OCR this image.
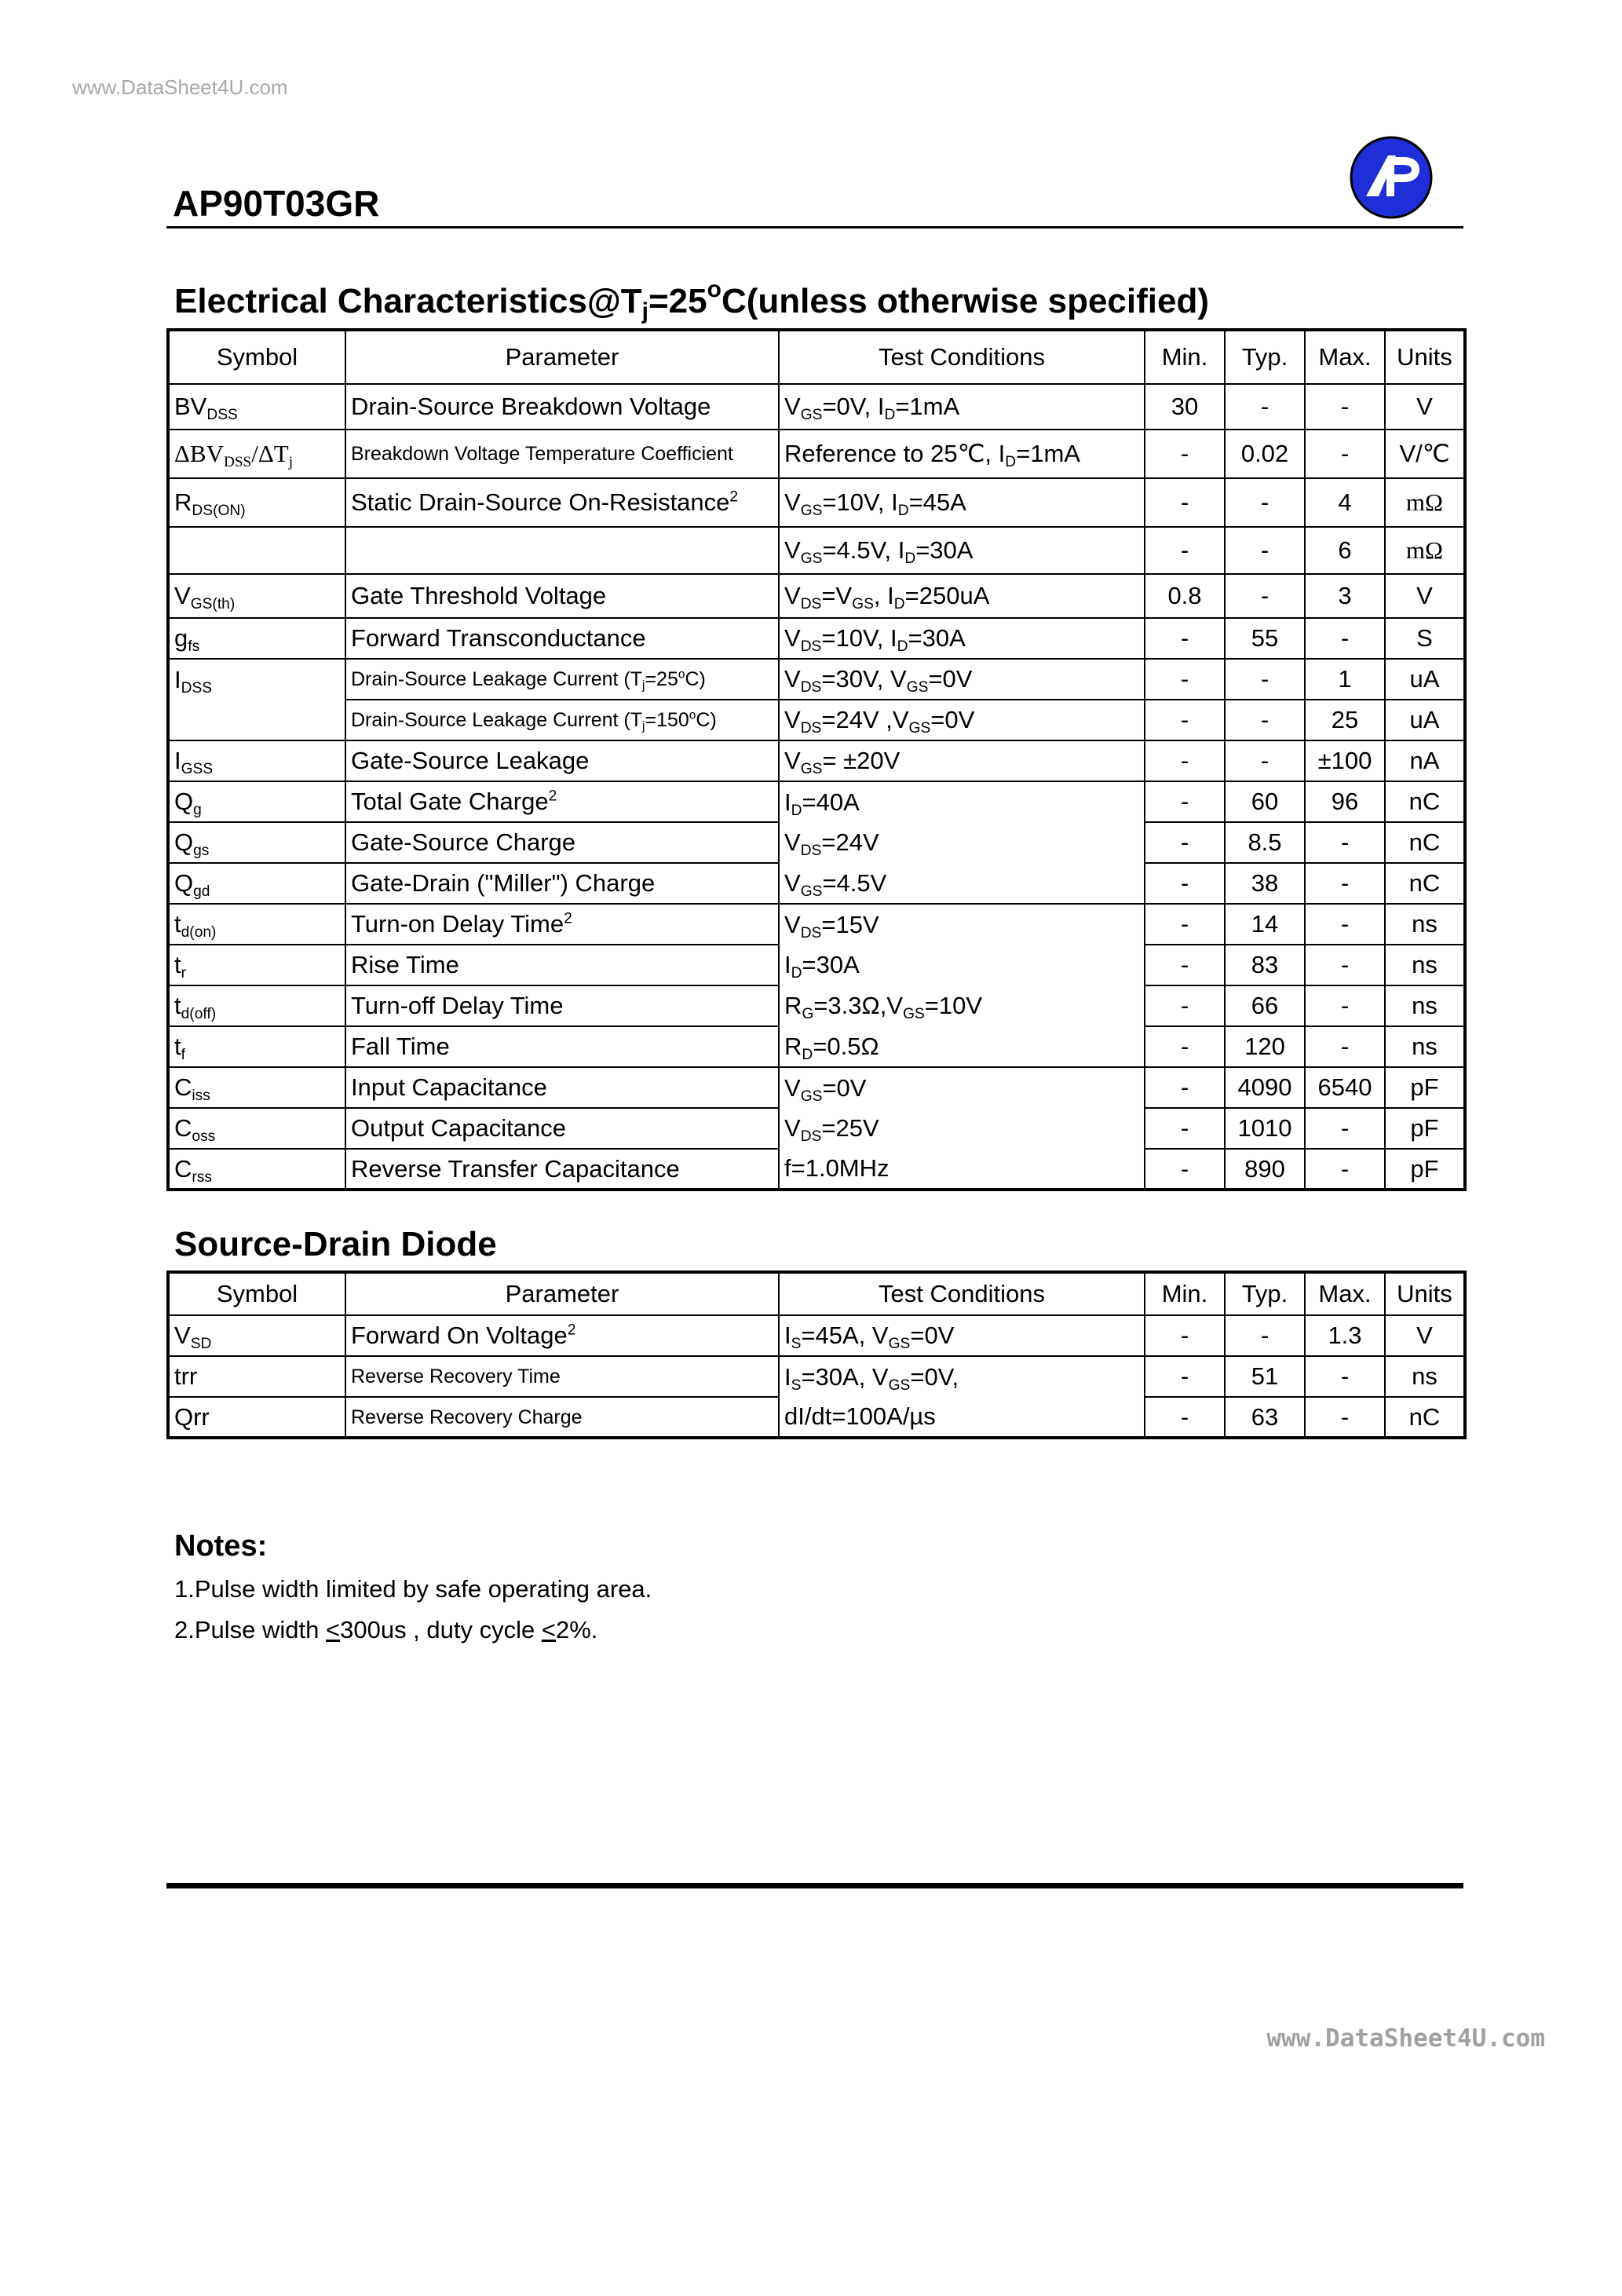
www.DataSheet4U.com
AP90T03GR
Electrical $Characteristics@T_j=25^oC(unless$ otherwise specified)
Symbol	Parameter	Test Conditions	Min.	Typ.	Max.	Units
$BV_{DSS}$	Drain-Source Breakdown Voltage	$V_{GS}=0V$, $I_D=1mA$	30	-	-	V
$\Delta BV_{DSS}/\Delta T_j$	Breakdown Voltage Temperature Coefficient	Reference to 25℃, $I_D=1mA$	-	0.02	-	V/℃
$R_{DS(ON)}$	Static Drain-Source On-Resistance$^2$	$V_{GS}=10V$, $I_D=45A$	-	-	4	mΩ
		$V_{GS}=4.5V$, $I_D=30A$	-	-	6	mΩ
$V_{GS(th)}$	Gate Threshold Voltage	$V_{DS}=V_{GS}$, $I_D=250uA$	0.8	-	3	V
$g_{fs}$	Forward Transconductance	$V_{DS}=10V$, $I_D=30A$	-	55	-	S
$I_{DSS}$	Drain-Source Leakage Current $(T_j=25^oC)$	$V_{DS}=30V$, $V_{GS}=0V$	-	-	1	uA
	Drain-Source Leakage Current $(T_j=150^oC)$	$V_{DS}=24V$ $,V_{GS}=0V$	-	-	25	uA
$I_{GSS}$	Gate-Source Leakage	$V_{GS}= \pm 20V$	-	-	±100	nA
$Q_g$	Total Gate Charge$^2$	$I_D=40A$	-	60	96	nC
$Q_{gs}$	Gate-Source Charge	$V_{DS}=24V$	-	8.5	-	nC
$Q_{gd}$	Gate-Drain ("Miller") Charge	$V_{GS}=4.5V$	-	38	-	nC
$t_{d(on)}$	Turn-on Delay Time$^2$	$V_{DS}=15V$	-	14	-	ns
$t_r$	Rise Time	$I_D=30A$	-	83	-	ns
$t_{d(off)}$	Turn-off Delay Time	$R_G=3.3\Omega,V_{GS}=10V$	-	66	-	ns
$t_f$	Fall Time	$R_D=0.5\Omega$	-	120	-	ns
$C_{iss}$	Input Capacitance	$V_{GS}=0V$	-	4090	6540	pF
$C_{oss}$	Output Capacitance	$V_{DS}=25V$	-	1010	-	pF
$C_{rss}$	Reverse Transfer Capacitance	f=1.0MHz	-	890	-	pF
Source-Drain Diode
Symbol	Parameter	Test Conditions	Min.	Typ.	Max.	Units
$V_{SD}$	Forward On Voltage$^2$	$I_S=45A$, $V_{GS}=0V$	-	-	1.3	V
trr	Reverse Recovery Time	$I_S=30A$, $V_{GS}=0V$,	-	51	-	ns
Qrr	Reverse Recovery Charge	dI/dt=100A/µs	-	63	-	nC
Notes:
1.Pulse width limited by safe operating area.
2.Pulse width <300us , duty cycle <2%.
www.DataSheet4U.com
